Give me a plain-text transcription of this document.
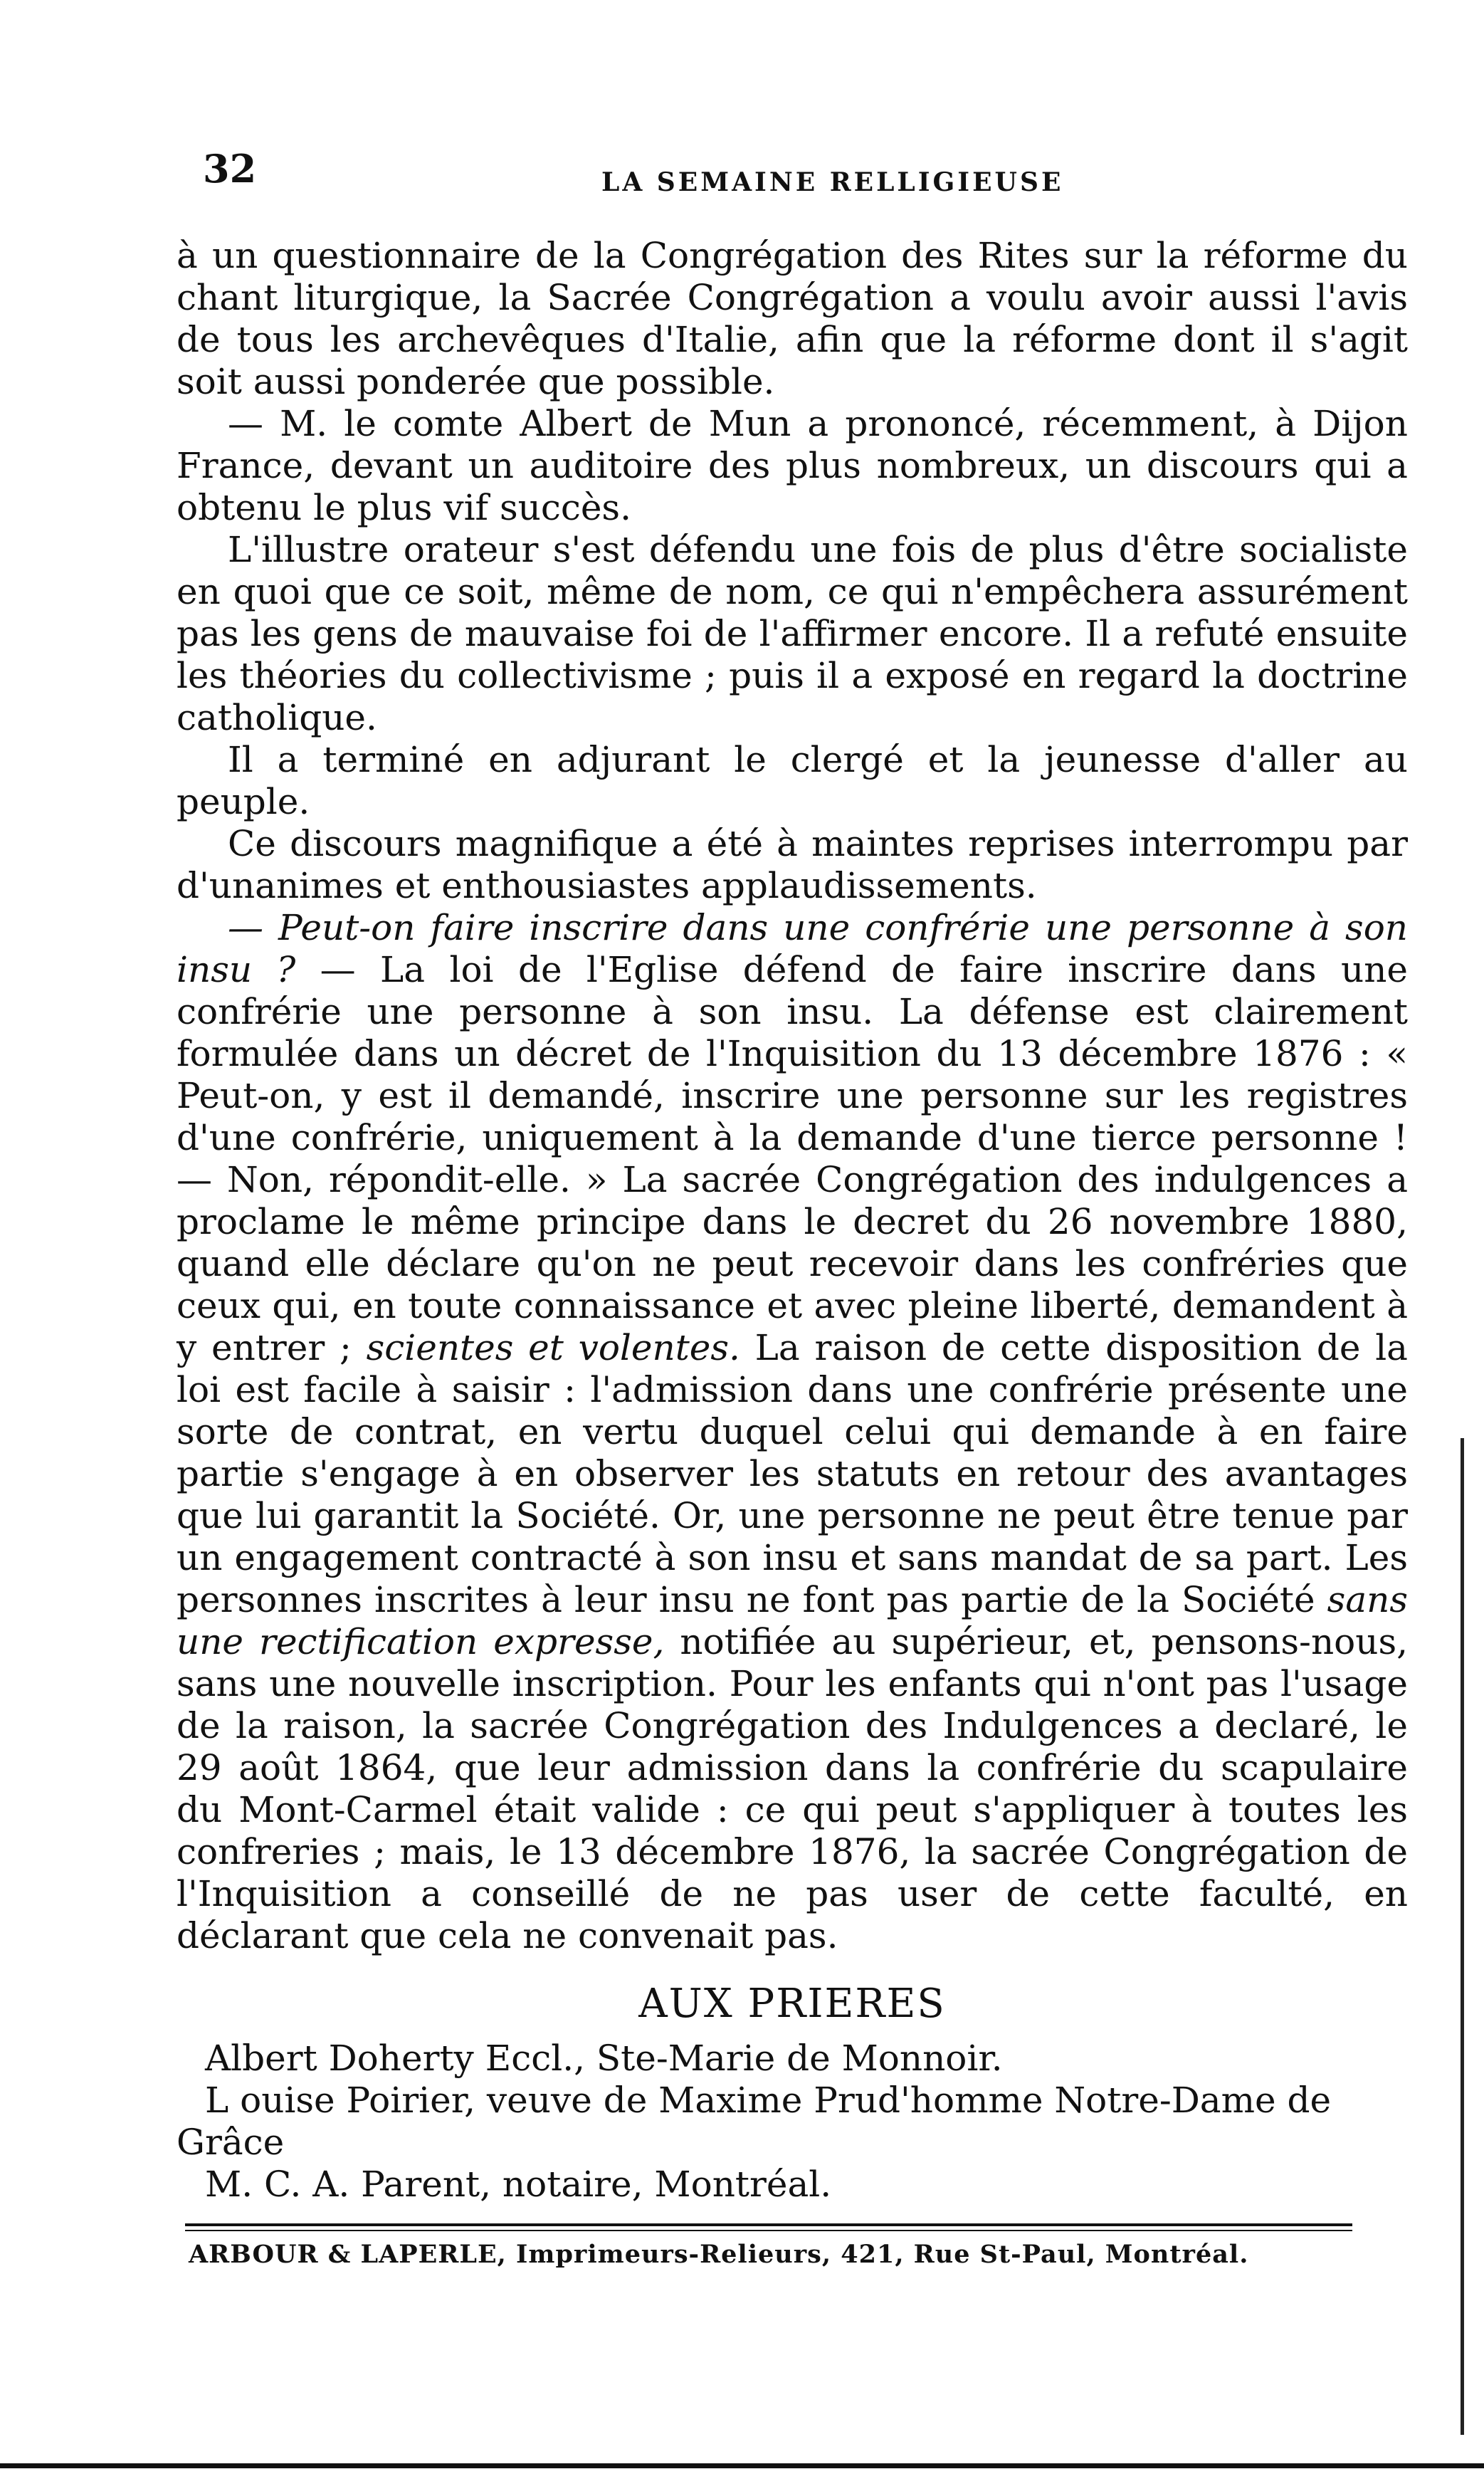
32	LA SEMAINE RELLIGIEUSE

à un questionnaire de la Congrégation des Rites sur la réforme du chant liturgique, la Sacrée Congrégation a voulu avoir aussi l'avis de tous les archevêques d'Italie, afin que la réforme dont il s'agit soit aussi ponderée que possible.

— M. le comte Albert de Mun a prononcé, récemment, à Dijon France, devant un auditoire des plus nombreux, un discours qui a obtenu le plus vif succès.

L'illustre orateur s'est défendu une fois de plus d'être socialiste en quoi que ce soit, même de nom, ce qui n'empêchera assurément pas les gens de mauvaise foi de l'affirmer encore. Il a refuté ensuite les théories du collectivisme ; puis il a exposé en regard la doctrine catholique.

Il a terminé en adjurant le clergé et la jeunesse d'aller au peuple.

Ce discours magnifique a été à maintes reprises interrompu par d'unanimes et enthousiastes applaudissements.

— Peut-on faire inscrire dans une confrérie une personne à son insu ? — La loi de l'Eglise défend de faire inscrire dans une confrérie une personne à son insu. La défense est clairement formulée dans un décret de l'Inquisition du 13 décembre 1876 : « Peut-on, y est il demandé, inscrire une personne sur les registres d'une confrérie, uniquement à la demande d'une tierce personne ! — Non, répondit-elle. » La sacrée Congrégation des indulgences a proclame le même principe dans le decret du 26 novembre 1880, quand elle déclare qu'on ne peut recevoir dans les confréries que ceux qui, en toute connaissance et avec pleine liberté, demandent à y entrer ; scientes et volentes. La raison de cette disposition de la loi est facile à saisir : l'admission dans une confrérie présente une sorte de contrat, en vertu duquel celui qui demande à en faire partie s'engage à en observer les statuts en retour des avantages que lui garantit la Société. Or, une personne ne peut être tenue par un engagement contracté à son insu et sans mandat de sa part. Les personnes inscrites à leur insu ne font pas partie de la Société sans une rectification expresse, notifiée au supérieur, et, pensons-nous, sans une nouvelle inscription. Pour les enfants qui n'ont pas l'usage de la raison, la sacrée Congrégation des Indulgences a declaré, le 29 août 1864, que leur admission dans la confrérie du scapulaire du Mont-Carmel était valide : ce qui peut s'appliquer à toutes les confreries ; mais, le 13 décembre 1876, la sacrée Congrégation de l'Inquisition a conseillé de ne pas user de cette faculté, en déclarant que cela ne convenait pas.

AUX PRIERES

Albert Doherty Eccl., Ste-Marie de Monnoir.

L ouise Poirier, veuve de Maxime Prud'homme Notre-Dame de Grâce

M. C. A. Parent, notaire, Montréal.

ARBOUR & LAPERLE, Imprimeurs-Relieurs, 421, Rue St-Paul, Montréal.
